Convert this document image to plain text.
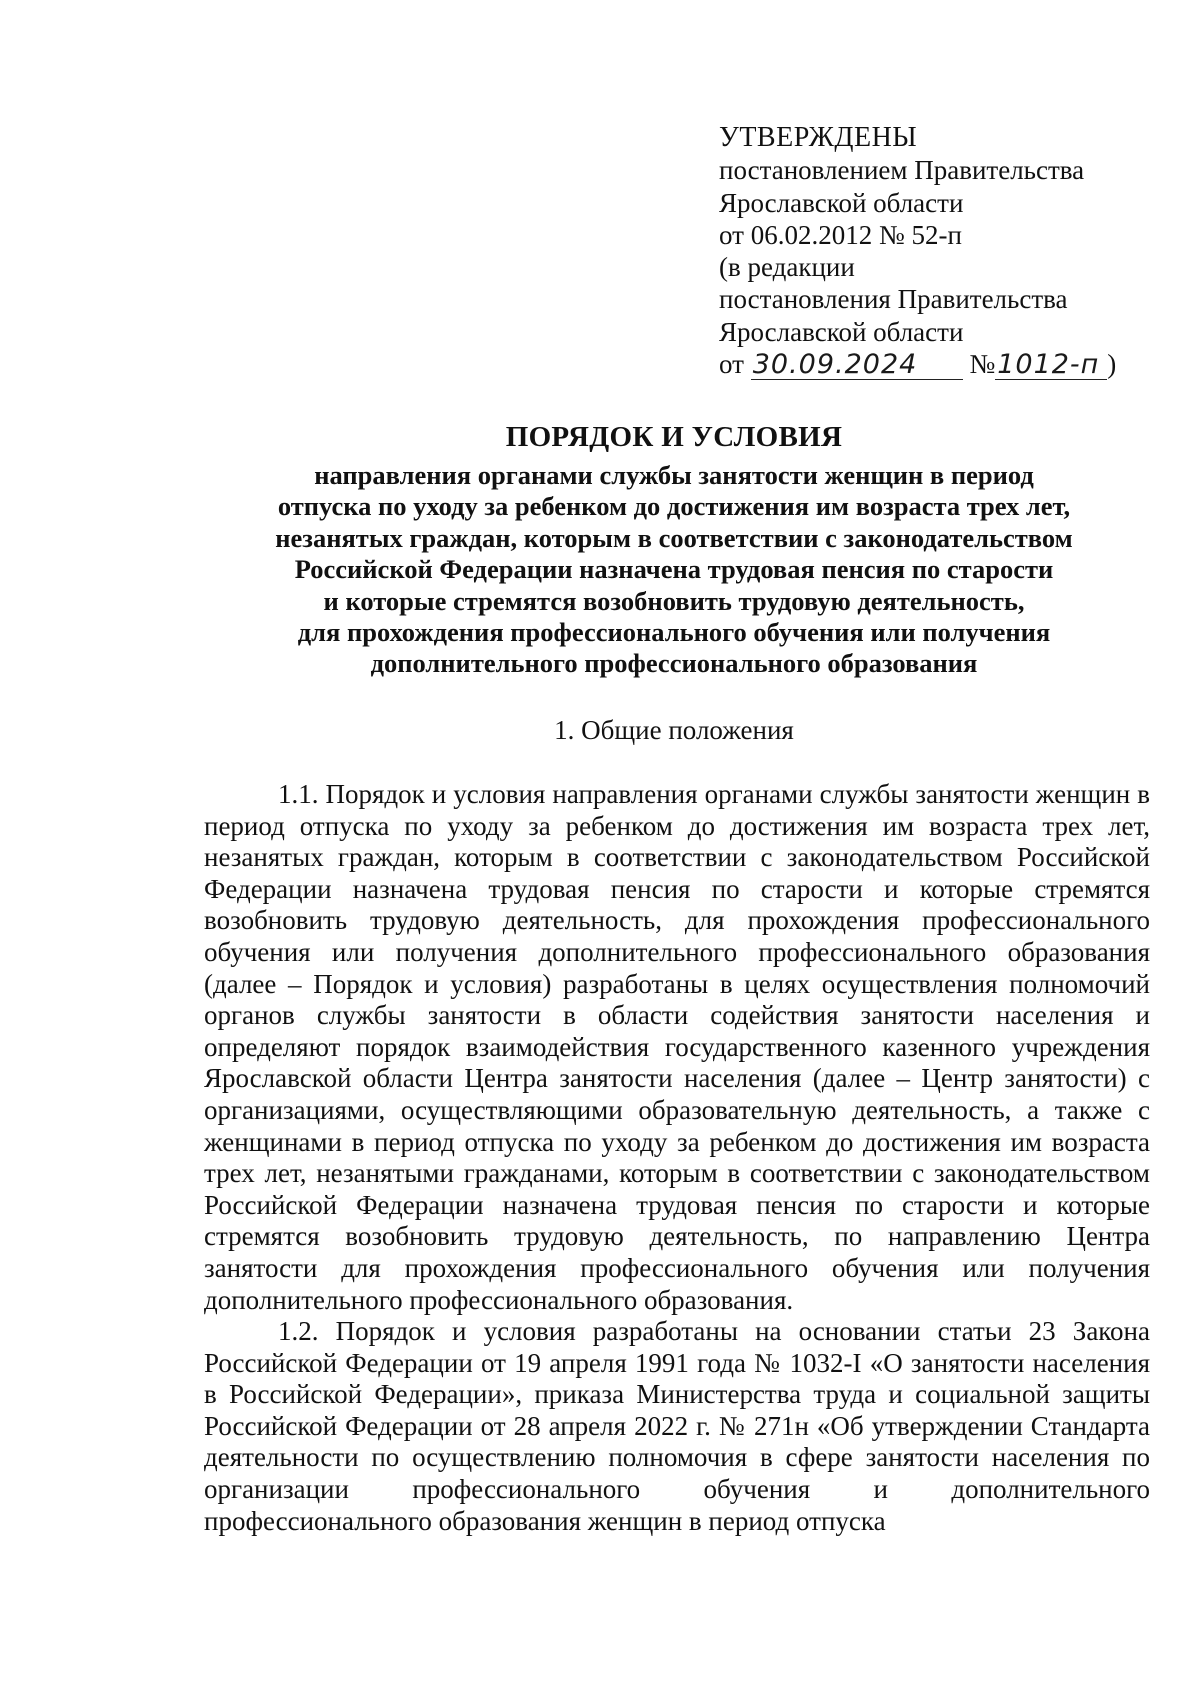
УТВЕРЖДЕНЫ
постановлением Правительства
Ярославской области
от 06.02.2012 № 52-п
(в редакции
постановления Правительства
Ярославской области
от 30.09.2024 №1012-п )
ПОРЯДОК И УСЛОВИЯ
направления органами службы занятости женщин в период
отпуска по уходу за ребенком до достижения им возраста трех лет,
незанятых граждан, которым в соответствии с законодательством
Российской Федерации назначена трудовая пенсия по старости
и которые стремятся возобновить трудовую деятельность,
для прохождения профессионального обучения или получения
дополнительного профессионального образования
1. Общие положения

1.1. Порядок и условия направления органами службы занятости женщин в период отпуска по уходу за ребенком до достижения им возраста трех лет, незанятых граждан, которым в соответствии с законодательством Российской Федерации назначена трудовая пенсия по старости и которые стремятся возобновить трудовую деятельность, для прохождения профессионального обучения или получения дополнительного профессионального образования (далее – Порядок и условия) разработаны в целях осуществления полномочий органов службы занятости в области содействия занятости населения и определяют порядок взаимодействия государственного казенного учреждения Ярославской области Центра занятости населения (далее – Центр занятости) с организациями, осуществляющими образовательную деятельность, а также с женщинами в период отпуска по уходу за ребенком до достижения им возраста трех лет, незанятыми гражданами, которым в соответствии с законодательством Российской Федерации назначена трудовая пенсия по старости и которые стремятся возобновить трудовую деятельность, по направлению Центра занятости для прохождения профессионального обучения или получения дополнительного профессионального образования.

1.2. Порядок и условия разработаны на основании статьи 23 Закона Российской Федерации от 19 апреля 1991 года № 1032-I «О занятости населения в Российской Федерации», приказа Министерства труда и социальной защиты Российской Федерации от 28 апреля 2022 г. № 271н «Об утверждении Стандарта деятельности по осуществлению полномочия в сфере занятости населения по организации профессионального обучения и дополнительного профессионального образования женщин в период отпуска
